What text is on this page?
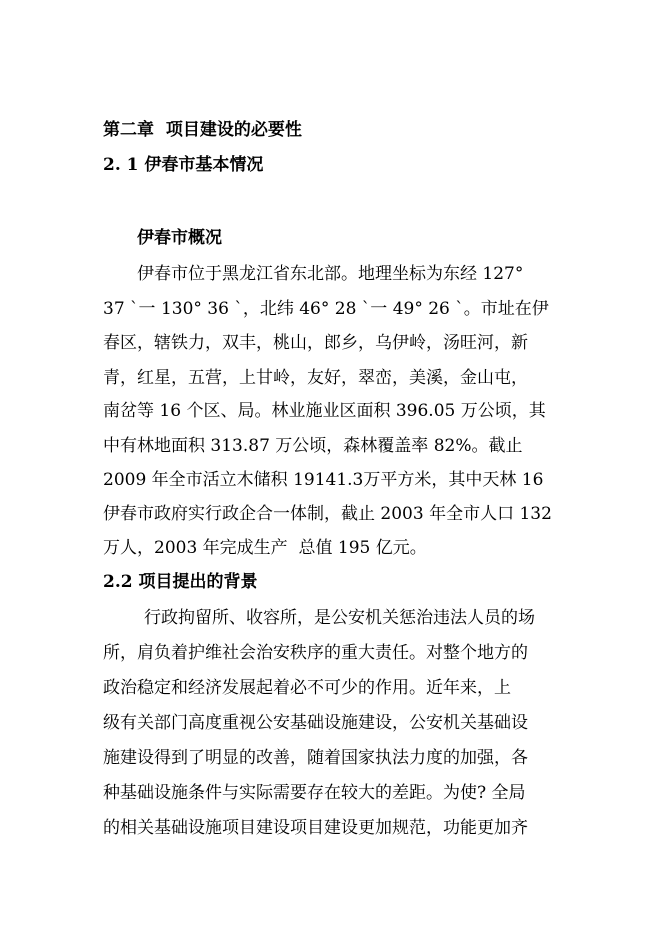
第二章  项目建设的必要性

2. 1 伊春市基本情况

伊春市概况

伊春市位于黑龙江省东北部。地理坐标为东经 127°

37 `一 130° 36 `，北纬 46° 28 `一 49° 26 `。市址在伊

春区，辖铁力，双丰，桃山，郎乡，乌伊岭，汤旺河，新

青，红星，五营，上甘岭，友好，翠峦，美溪，金山屯，

南岔等 16 个区、局。林业施业区面积 396.05 万公顷，其

中有林地面积 313.87 万公顷，森林覆盖率 82%。截止

2009 年全市活立木储积 19141.3万平方米，其中天林 16

伊春市政府实行政企合一体制，截止 2003 年全市人口 132

万人，2003 年完成生产  总值 195 亿元。

2.2 项目提出的背景

行政拘留所、收容所，是公安机关惩治违法人员的场

所，肩负着护维社会治安秩序的重大责任。对整个地方的

政治稳定和经济发展起着必不可少的作用。近年来，上

级有关部门高度重视公安基础设施建设，公安机关基础设

施建设得到了明显的改善，随着国家执法力度的加强，各

种基础设施条件与实际需要存在较大的差距。为使? 全局

的相关基础设施项目建设项目建设更加规范，功能更加齐
